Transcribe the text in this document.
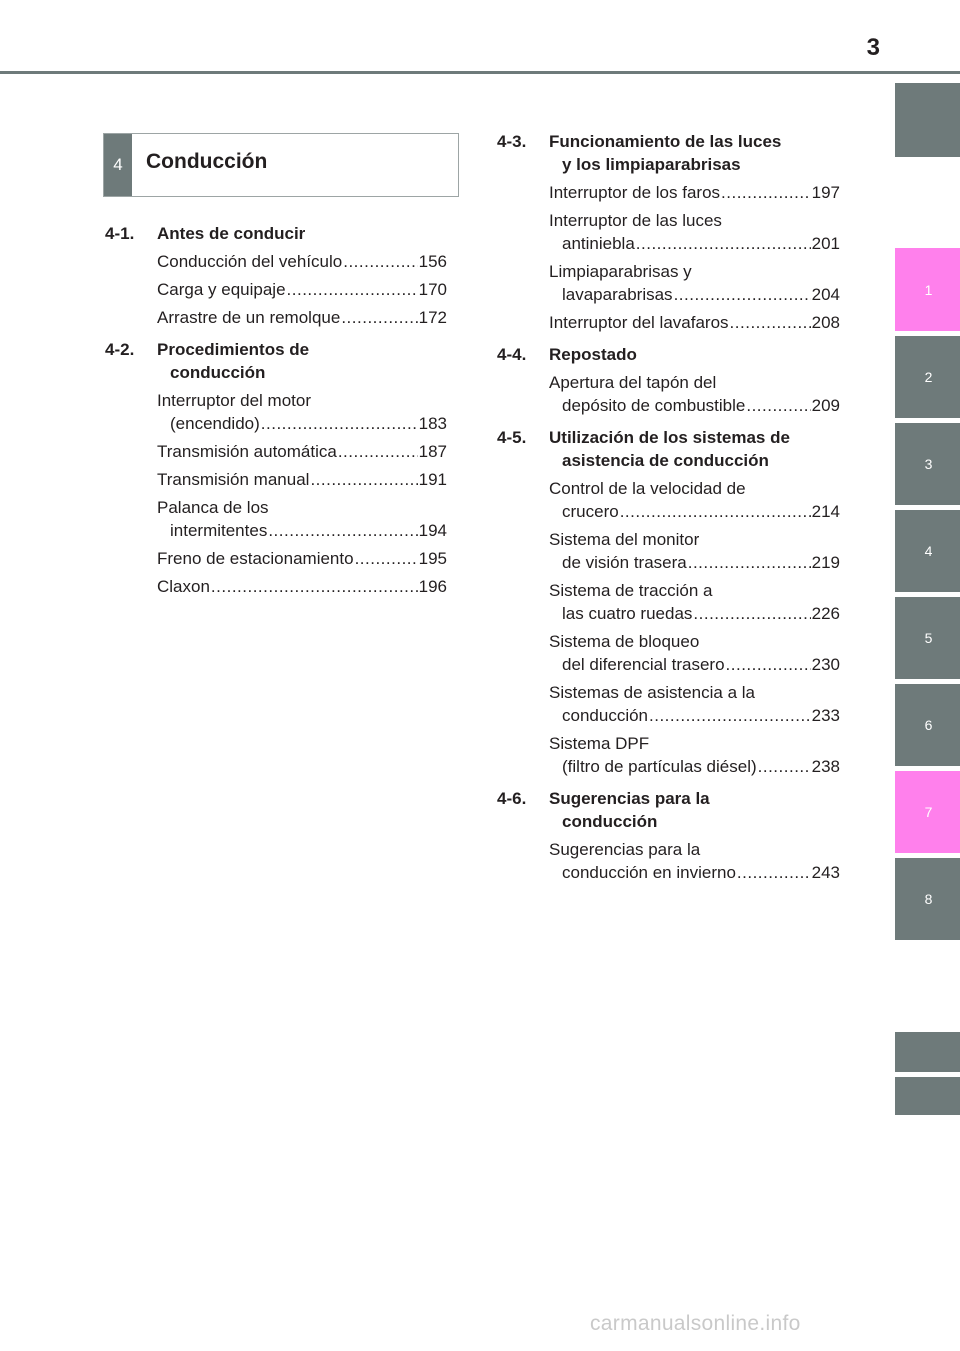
3
1
2
3
4
5
6
7
8
4	Conducción
4-1.	Antes de conducir
Conducción del vehículo .....	156
Carga y equipaje .....	170
Arrastre de un remolque .....	172
4-2.	Procedimientos de
conducción
Interruptor del motor
(encendido) .....	183
Transmisión automática .....	187
Transmisión manual .....	191
Palanca de los
intermitentes .....	194
Freno de estacionamiento .....	195
Claxon .....	196
4-3.	Funcionamiento de las luces
y los limpiaparabrisas
Interruptor de los faros .....	197
Interruptor de las luces
antiniebla .....	201
Limpiaparabrisas y
lavaparabrisas .....	204
Interruptor del lavafaros .....	208
4-4.	Repostado
Apertura del tapón del
depósito de combustible .....	209
4-5.	Utilización de los sistemas de
asistencia de conducción
Control de la velocidad de
crucero .....	214
Sistema del monitor
de visión trasera .....	219
Sistema de tracción a
las cuatro ruedas .....	226
Sistema de bloqueo
del diferencial trasero .....	230
Sistemas de asistencia a la
conducción .....	233
Sistema DPF
(filtro de partículas diésel) .....	238
4-6.	Sugerencias para la
conducción
Sugerencias para la
conducción en invierno .....	243
carmanualsonline.info
